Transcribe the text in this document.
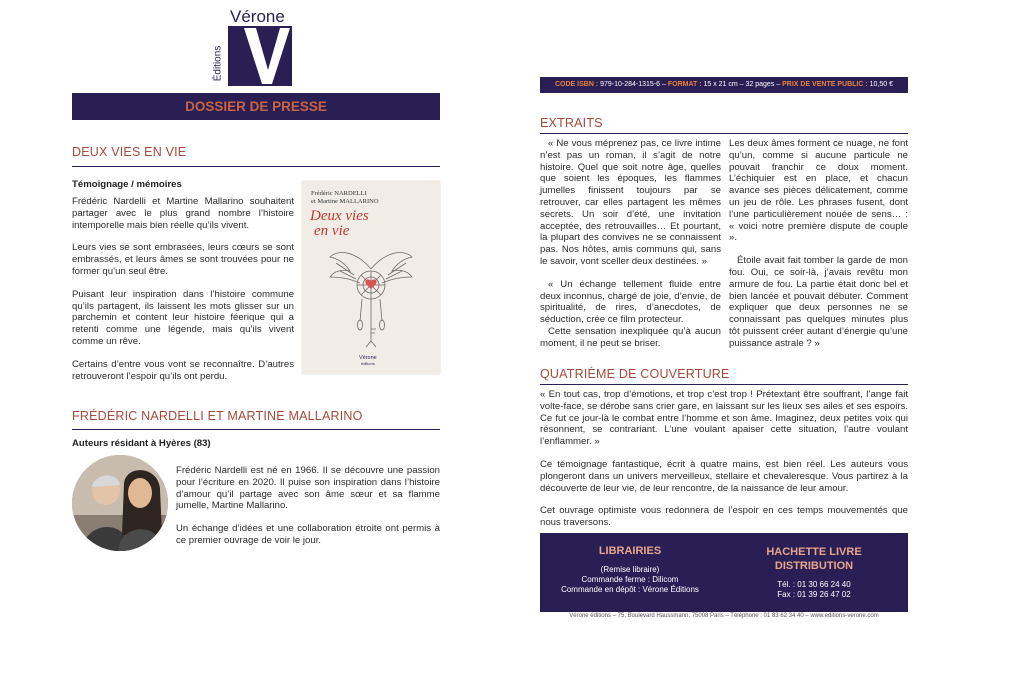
Vérone
Éditions
DOSSIER DE PRESSE
DEUX VIES EN VIE
Témoignage / mémoires

Frédéric Nardelli et Martine Mallarino souhaitent partager avec le plus grand nombre l’histoire intemporelle mais bien réelle qu’ils vivent.

Leurs vies se sont embrasées, leurs cœurs se sont embrassés, et leurs âmes se sont trouvées pour ne former qu’un seul être.

Puisant leur inspiration dans l’histoire commune qu’ils partagent, ils laissent les mots glisser sur un parchemin et content leur histoire féerique qui a retenti comme une légende, mais qu’ils vivent comme un rêve.

Certains d’entre vous vont se reconnaître. D’autres retrouveront l’espoir qu’ils ont perdu.

Frédéric NARDELLI
et Martine MALLARINO
Deux vies
en vie
Vérone
éditions
FRÉDÉRIC NARDELLI ET MARTINE MALLARINO
Auteurs résidant à Hyères (83)

Frédéric Nardelli est né en 1966. Il se découvre une passion pour l’écriture en 2020. Il puise son inspiration dans l’histoire d’amour qu’il partage avec son âme sœur et sa flamme jumelle, Martine Mallarino.

Un échange d’idées et une collaboration étroite ont permis à ce premier ouvrage de voir le jour.

CODE ISBN : 979-10-284-1315-6 – FORMAT : 15 x 21 cm – 32 pages – PRIX DE VENTE PUBLIC : 10,50 €
EXTRAITS

« Ne vous méprenez pas, ce livre intime n’est pas un roman, il s’agit de notre histoire. Quel que soit notre âge, quelles que soient les époques, les flammes jumelles finissent toujours par se retrouver, car elles partagent les mêmes secrets. Un soir d’été, une invitation acceptée, des retrouvailles… Et pourtant, la plupart des convives ne se connaissent pas. Nos hôtes, amis communs qui, sans le savoir, vont sceller deux destinées. »

« Un échange tellement fluide entre deux inconnus, chargé de joie, d’envie, de spiritualité, de rires, d’anecdotes, de séduction, crée ce film protecteur.

Cette sensation inexpliquée qu’à aucun moment, il ne peut se briser.

Les deux âmes forment ce nuage, ne font qu’un, comme si aucune particule ne pouvait franchir ce doux moment. L’échiquier est en place, et chacun avance ses pièces délicatement, comme un jeu de rôle. Les phrases fusent, dont l’une particulièrement nouée de sens… : « voici notre première dispute de couple ».

Étoile avait fait tomber la garde de mon fou. Oui, ce soir-là, j’avais revêtu mon armure de fou. La partie était donc bel et bien lancée et pouvait débuter. Comment expliquer que deux personnes ne se connaissant pas quelques minutes plus tôt puissent créer autant d’énergie qu’une puissance astrale ? »

QUATRIÈME DE COUVERTURE

« En tout cas, trop d’émotions, et trop c’est trop ! Prétextant être souffrant, l’ange fait volte-face, se dérobe sans crier gare, en laissant sur les lieux ses ailes et ses espoirs. Ce fut ce jour-là le combat entre l’homme et son âme. Imaginez, deux petites voix qui résonnent, se contrariant. L’une voulant apaiser cette situation, l’autre voulant l’enflammer. »

Ce témoignage fantastique, écrit à quatre mains, est bien réel. Les auteurs vous plongeront dans un univers merveilleux, stellaire et chevaleresque. Vous partirez à la découverte de leur vie, de leur rencontre, de la naissance de leur amour.

Cet ouvrage optimiste vous redonnera de l’espoir en ces temps mouvementés que nous traversons.

LIBRAIRIES
(Remise libraire)
Commande ferme : Dilicom
Commande en dépôt : Vérone Éditions
HACHETTE LIVRE
DISTRIBUTION
Tél. : 01 30 66 24 40
Fax : 01 39 26 47 02
Vérone éditions – 75, Boulevard Haussmann, 75008 Paris – Téléphone : 01 83 62 34 40 – www.editions-verone.com
